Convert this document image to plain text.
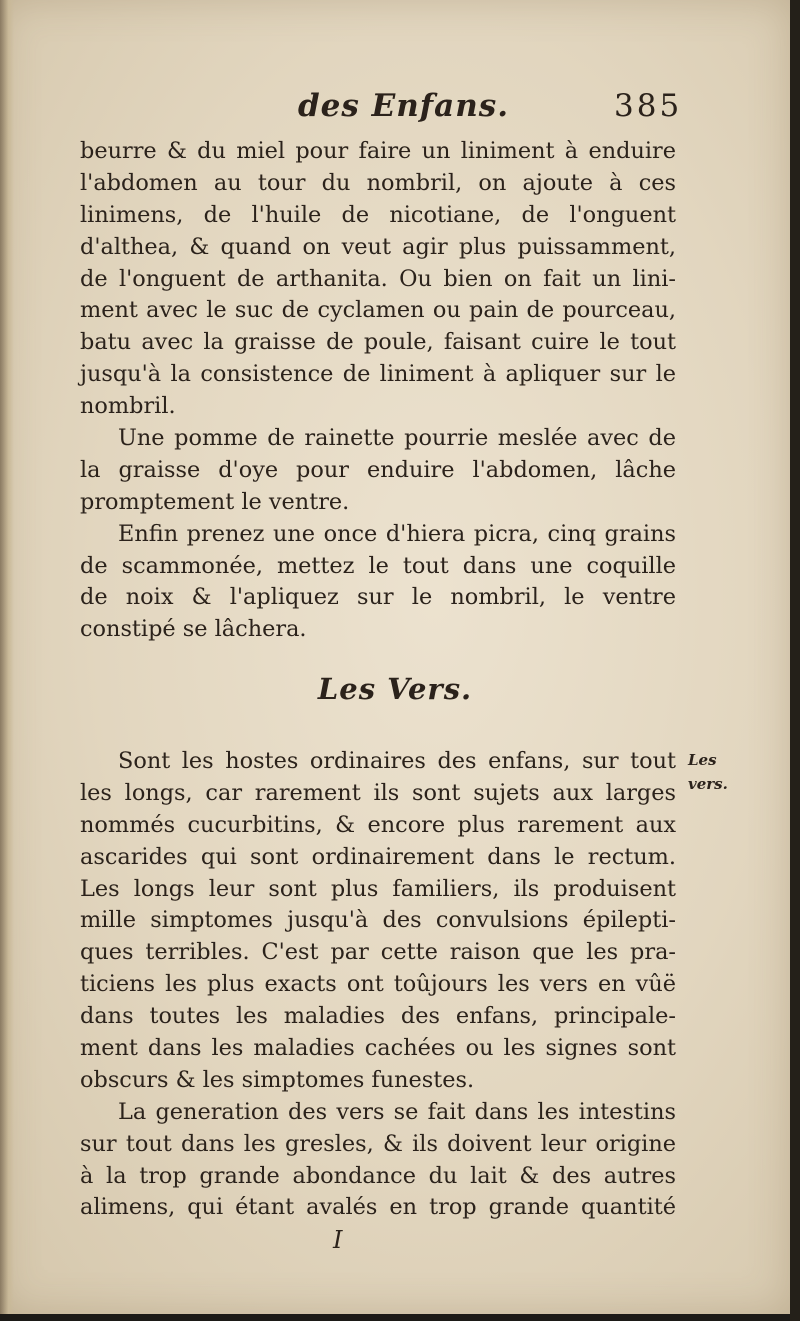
des Enfans.	385
beurre & du miel pour faire un liniment à enduire
l'abdomen au tour du nombril, on ajoute à ces
linimens, de l'huile de nicotiane, de l'onguent
d'althea, & quand on veut agir plus puissamment,
de l'onguent de arthanita. Ou bien on fait un lini-
ment avec le suc de cyclamen ou pain de pourceau,
batu avec la graisse de poule, faisant cuire le tout
jusqu'à la consistence de liniment à apliquer sur le
nombril.
Une pomme de rainette pourrie meslée avec de
la graisse d'oye pour enduire l'abdomen, lâche
promptement le ventre.
Enfin prenez une once d'hiera picra, cinq grains
de scammonée, mettez le tout dans une coquille
de noix & l'apliquez sur le nombril, le ventre
constipé se lâchera.
Les Vers.
Les
vers.
Sont les hostes ordinaires des enfans, sur tout
les longs, car rarement ils sont sujets aux larges
nommés cucurbitins, & encore plus rarement aux
ascarides qui sont ordinairement dans le rectum.
Les longs leur sont plus familiers, ils produisent
mille simptomes jusqu'à des convulsions épilepti-
ques terribles. C'est par cette raison que les pra-
ticiens les plus exacts ont toûjours les vers en vûë
dans toutes les maladies des enfans, principale-
ment dans les maladies cachées ou les signes sont
obscurs & les simptomes funestes.
La generation des vers se fait dans les intestins
sur tout dans les gresles, & ils doivent leur origine
à la trop grande abondance du lait & des autres
alimens, qui étant avalés en trop grande quantité
I
